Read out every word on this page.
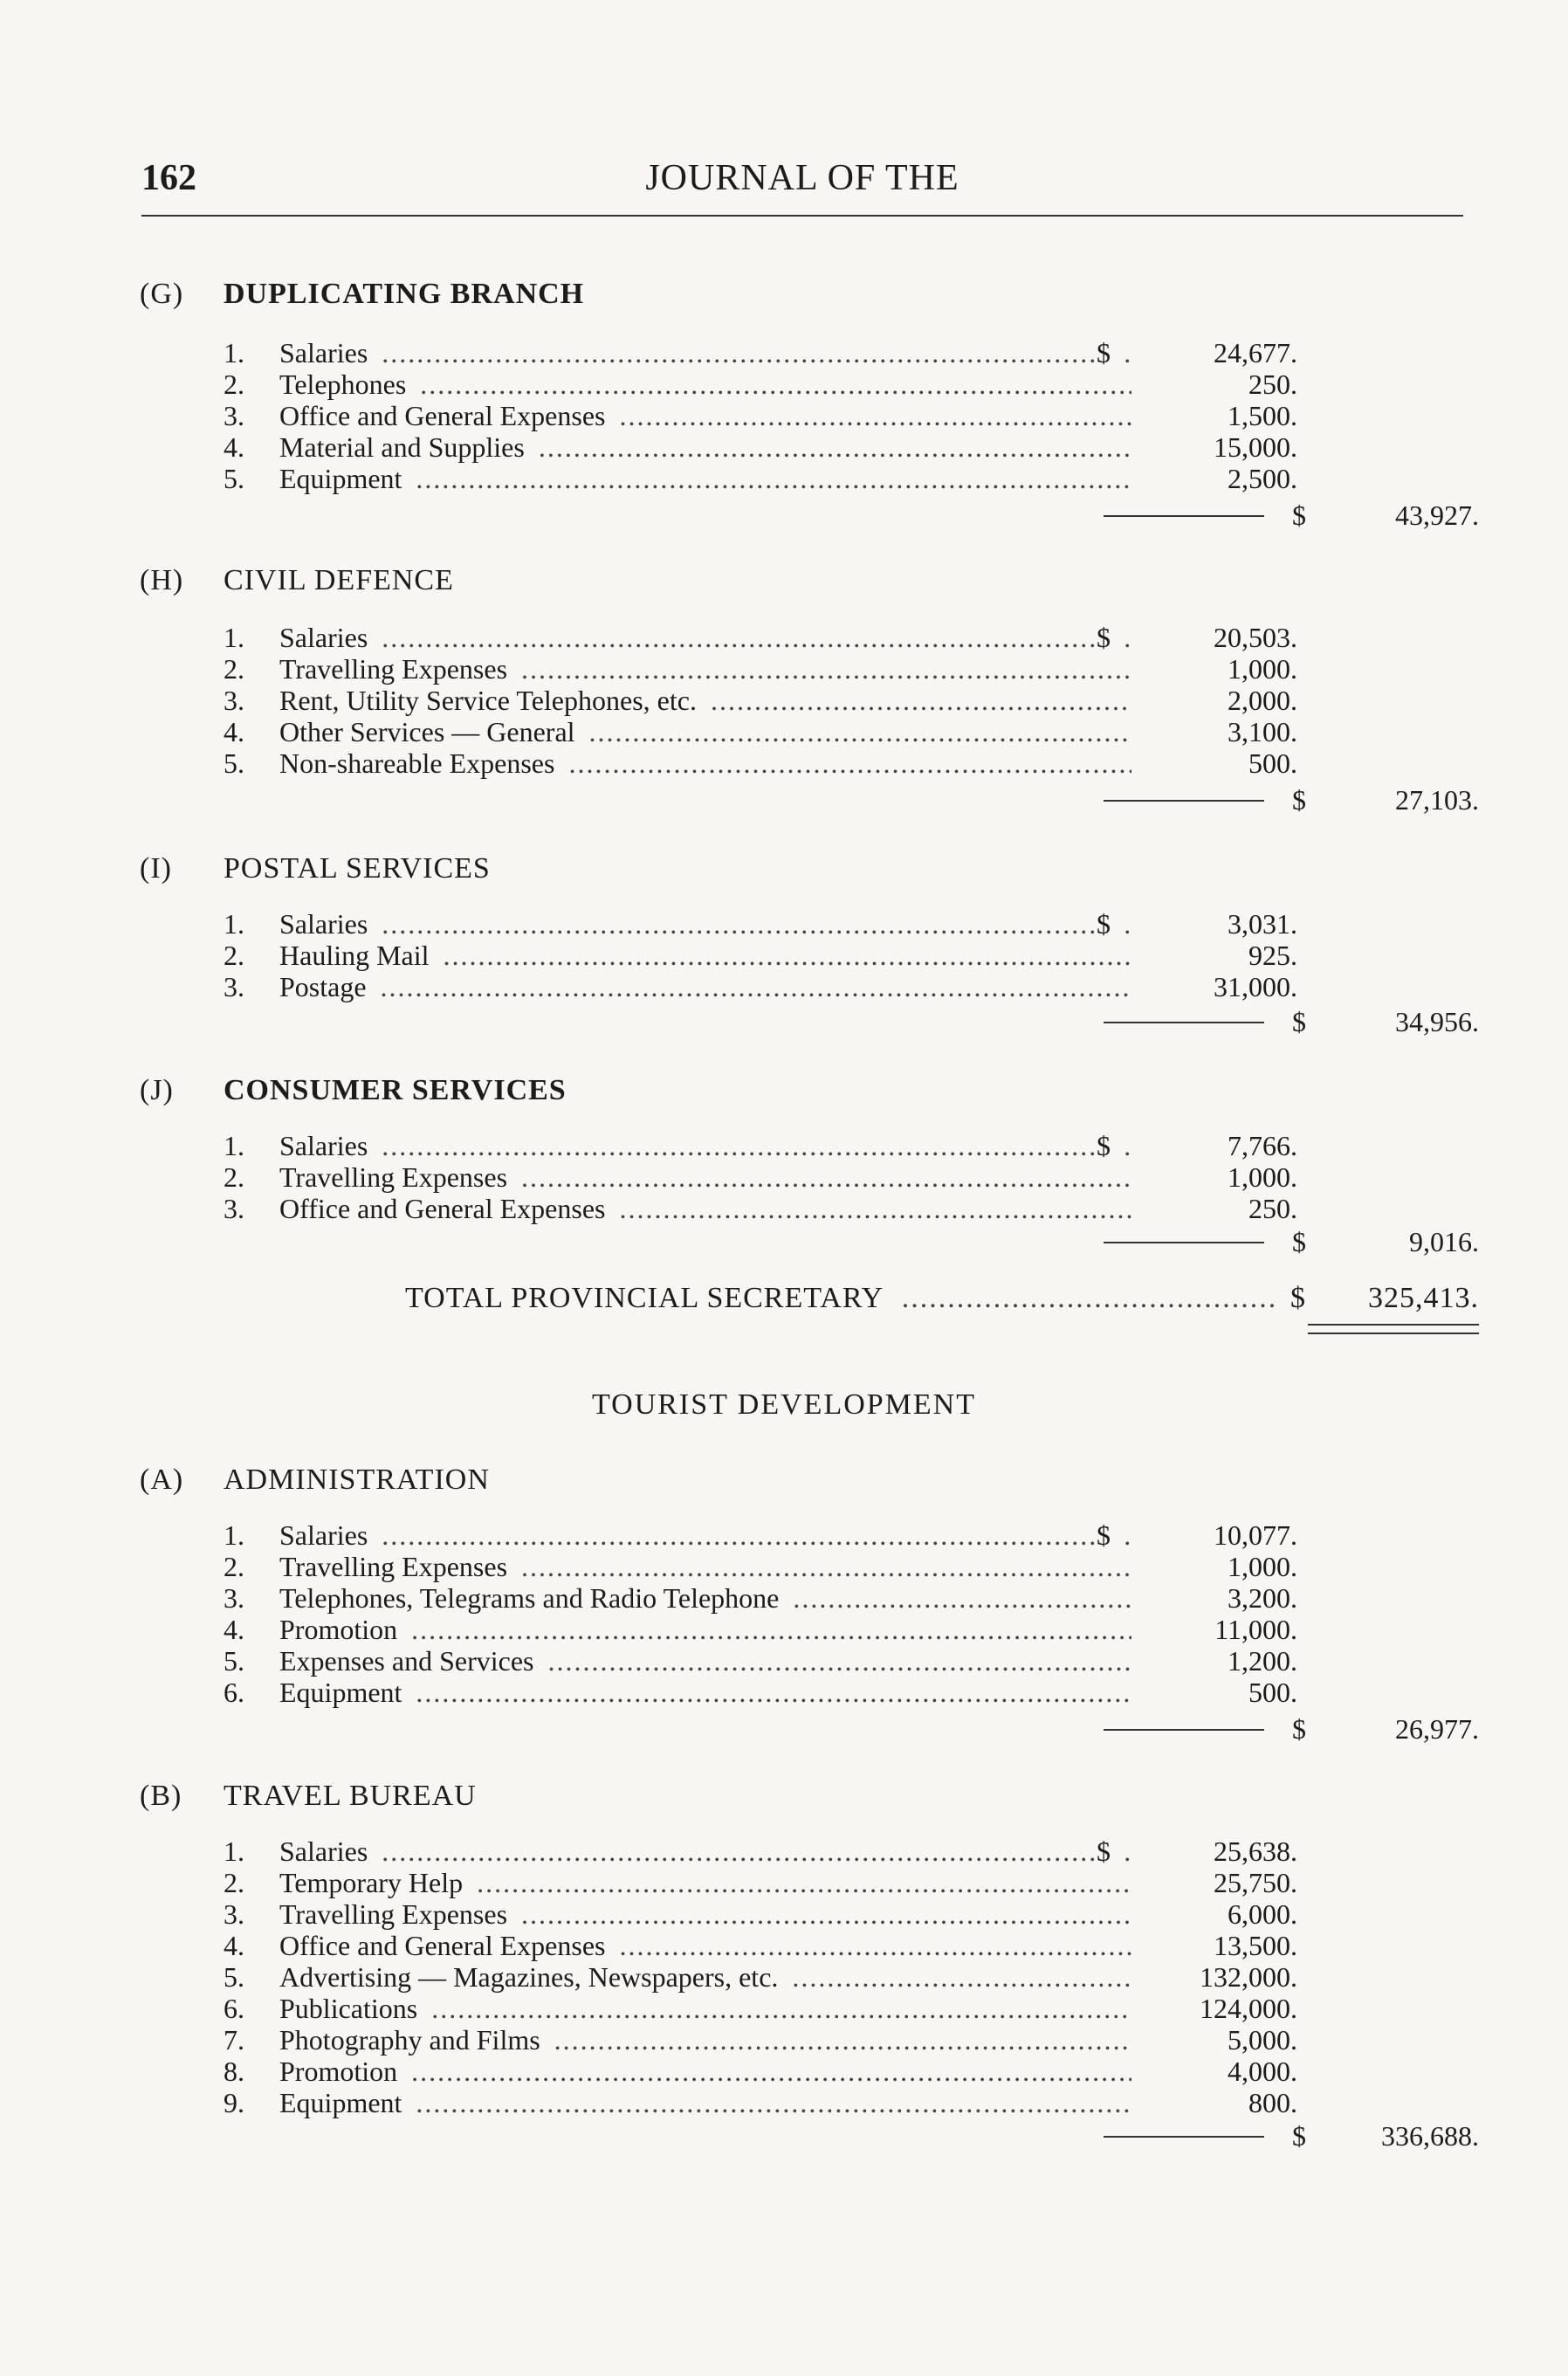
162	JOURNAL OF THE
(G) DUPLICATING BRANCH
1.	Salaries .....	$	24,677.
2.	Telephones .....	250.
3.	Office and General Expenses .....	1,500.
4.	Material and Supplies .....	15,000.
5.	Equipment .....	2,500.
$	43,927.
(H) CIVIL DEFENCE
1.	Salaries .....	$	20,503.
2.	Travelling Expenses .....	1,000.
3.	Rent, Utility Service Telephones, etc. .....	2,000.
4.	Other Services — General .....	3,100.
5.	Non-shareable Expenses .....	500.
$	27,103.
(I) POSTAL SERVICES
1.	Salaries .....	$	3,031.
2.	Hauling Mail .....	925.
3.	Postage .....	31,000.
$	34,956.
(J) CONSUMER SERVICES
1.	Salaries .....	$	7,766.
2.	Travelling Expenses .....	1,000.
3.	Office and General Expenses .....	250.
$	9,016.
TOTAL PROVINCIAL SECRETARY .....	$	325,413.
TOURIST DEVELOPMENT
(A) ADMINISTRATION
1.	Salaries .....	$	10,077.
2.	Travelling Expenses .....	1,000.
3.	Telephones, Telegrams and Radio Telephone .....	3,200.
4.	Promotion .....	11,000.
5.	Expenses and Services .....	1,200.
6.	Equipment .....	500.
$	26,977.
(B) TRAVEL BUREAU
1.	Salaries .....	$	25,638.
2.	Temporary Help .....	25,750.
3.	Travelling Expenses .....	6,000.
4.	Office and General Expenses .....	13,500.
5.	Advertising — Magazines, Newspapers, etc. .....	132,000.
6.	Publications .....	124,000.
7.	Photography and Films .....	5,000.
8.	Promotion .....	4,000.
9.	Equipment .....	800.
$	336,688.
